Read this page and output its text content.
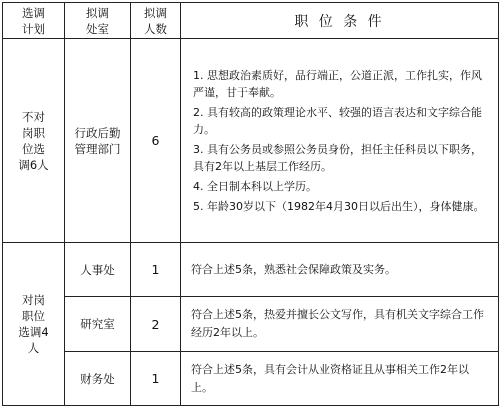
选调计划	拟调处室	拟调人数	职 位 条 件
不对岗职位选调6人	行政后勤管理部门	6	1. 思想政治素质好，品行端正，公道正派，工作扎实，作风严谨，甘于奉献。
2. 具有较高的政策理论水平、较强的语言表达和文字综合能力。
3. 具有公务员或参照公务员身份，担任主任科员以下职务，具有2年以上基层工作经历。
4. 全日制本科以上学历。
5. 年龄30岁以下（1982年4月30日以后出生），身体健康。

对岗职位选调4人	人事处	1	符合上述5条，熟悉社会保障政策及实务。
	研究室	2	符合上述5条，热爱并擅长公文写作，具有机关文字综合工作经历2年以上。
	财务处	1	符合上述5条，具有会计从业资格证且从事相关工作2年以上。
